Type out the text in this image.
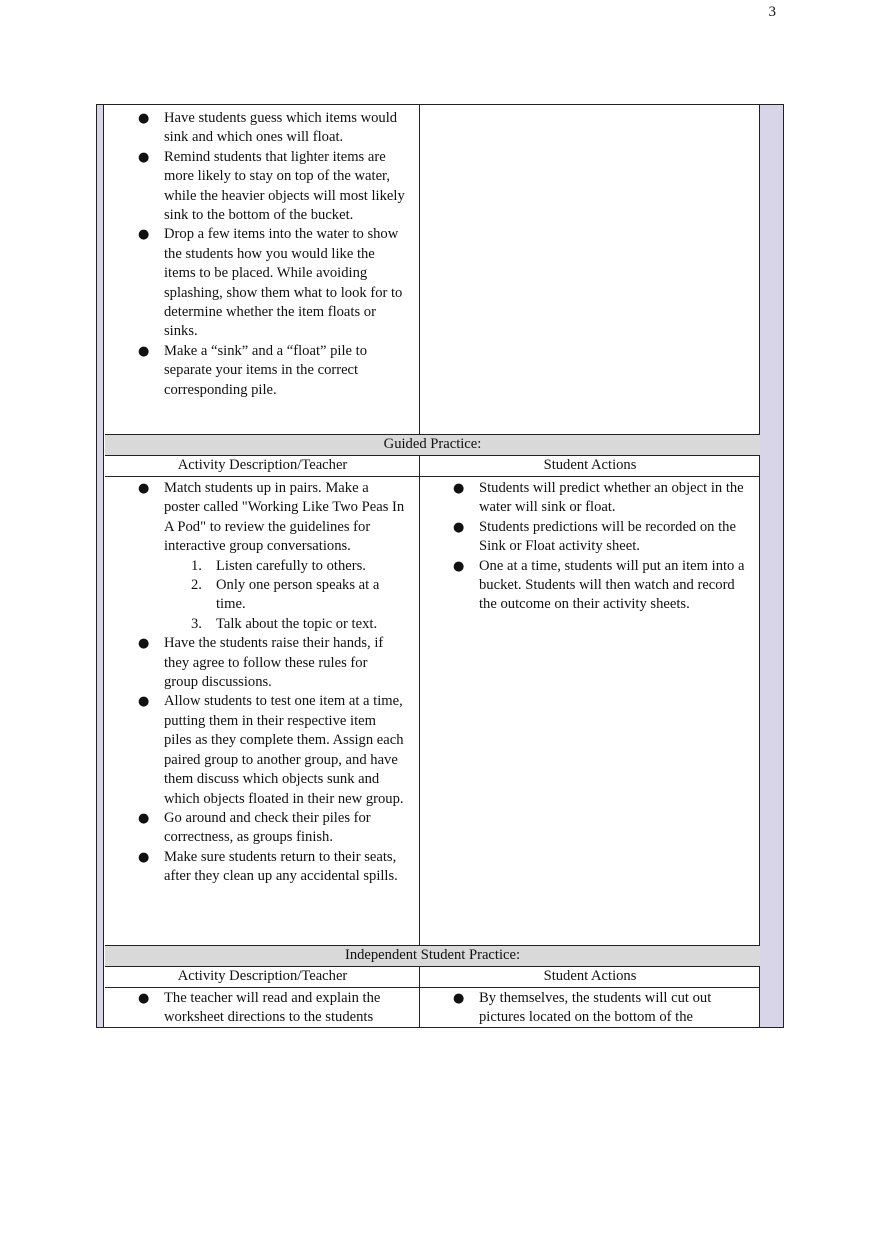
3
● Have students guess which items would sink and which ones will float.
● Remind students that lighter items are more likely to stay on top of the water, while the heavier objects will most likely sink to the bottom of the bucket.
● Drop a few items into the water to show the students how you would like the items to be placed. While avoiding splashing, show them what to look for to determine whether the item floats or sinks.
● Make a “sink” and a “float” pile to separate your items in the correct corresponding pile.
Guided Practice:
Activity Description/Teacher	Student Actions
● Match students up in pairs. Make a poster called "Working Like Two Peas In A Pod" to review the guidelines for interactive group conversations.
1. Listen carefully to others.
2. Only one person speaks at a time.
3. Talk about the topic or text.
● Have the students raise their hands, if they agree to follow these rules for group discussions.
● Allow students to test one item at a time, putting them in their respective item piles as they complete them. Assign each paired group to another group, and have them discuss which objects sunk and which objects floated in their new group.
● Go around and check their piles for correctness, as groups finish.
● Make sure students return to their seats, after they clean up any accidental spills.
● Students will predict whether an object in the water will sink or float.
● Students predictions will be recorded on the Sink or Float activity sheet.
● One at a time, students will put an item into a bucket. Students will then watch and record the outcome on their activity sheets.
Independent Student Practice:
Activity Description/Teacher	Student Actions
● The teacher will read and explain the worksheet directions to the students
● By themselves, the students will cut out pictures located on the bottom of the
